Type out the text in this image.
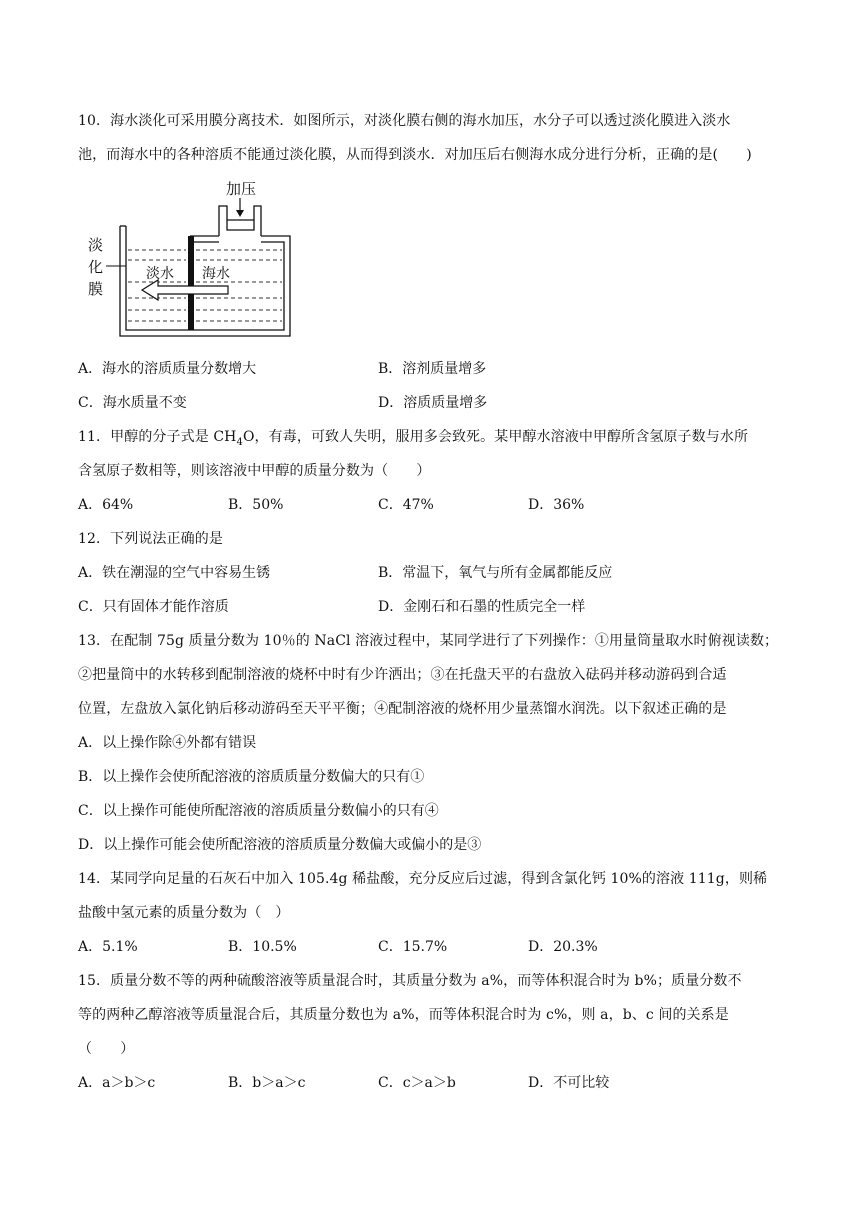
10．海水淡化可采用膜分离技术．如图所示，对淡化膜右侧的海水加压，水分子可以透过淡化膜进入淡水
池，而海水中的各种溶质不能通过淡化膜，从而得到淡水．对加压后右侧海水成分进行分析，正确的是(　　)
加压
淡水 海水
淡
化
膜
A．海水的溶质质量分数增大	B．溶剂质量增多
C．海水质量不变	D．溶质质量增多
11．甲醇的分子式是 $CH_4O$，有毒，可致人失明，服用多会致死。某甲醇水溶液中甲醇所含氢原子数与水所
含氢原子数相等，则该溶液中甲醇的质量分数为（　　）
A．64%	B．50%	C．47%	D．36%
12．下列说法正确的是
A．铁在潮湿的空气中容易生锈	B．常温下，氧气与所有金属都能反应
C．只有固体才能作溶质	D．金刚石和石墨的性质完全一样
13．在配制 75g 质量分数为 10％的 NaCl 溶液过程中，某同学进行了下列操作：①用量筒量取水时俯视读数；
②把量筒中的水转移到配制溶液的烧杯中时有少许洒出；③在托盘天平的右盘放入砝码并移动游码到合适
位置，左盘放入氯化钠后移动游码至天平平衡；④配制溶液的烧杯用少量蒸馏水润洗。以下叙述正确的是
A．以上操作除④外都有错误
B．以上操作会使所配溶液的溶质质量分数偏大的只有①
C．以上操作可能使所配溶液的溶质质量分数偏小的只有④
D．以上操作可能会使所配溶液的溶质质量分数偏大或偏小的是③
14．某同学向足量的石灰石中加入 105.4g 稀盐酸，充分反应后过滤，得到含氯化钙 10%的溶液 111g，则稀
盐酸中氢元素的质量分数为（　）
A．5.1%	B．10.5%	C．15.7%	D．20.3%
15．质量分数不等的两种硫酸溶液等质量混合时，其质量分数为 a%，而等体积混合时为 b%；质量分数不
等的两种乙醇溶液等质量混合后，其质量分数也为 a%，而等体积混合时为 c%，则 a，b、c 间的关系是
（　　）
A．a＞b＞c	B．b＞a＞c	C．c＞a＞b	D．不可比较
